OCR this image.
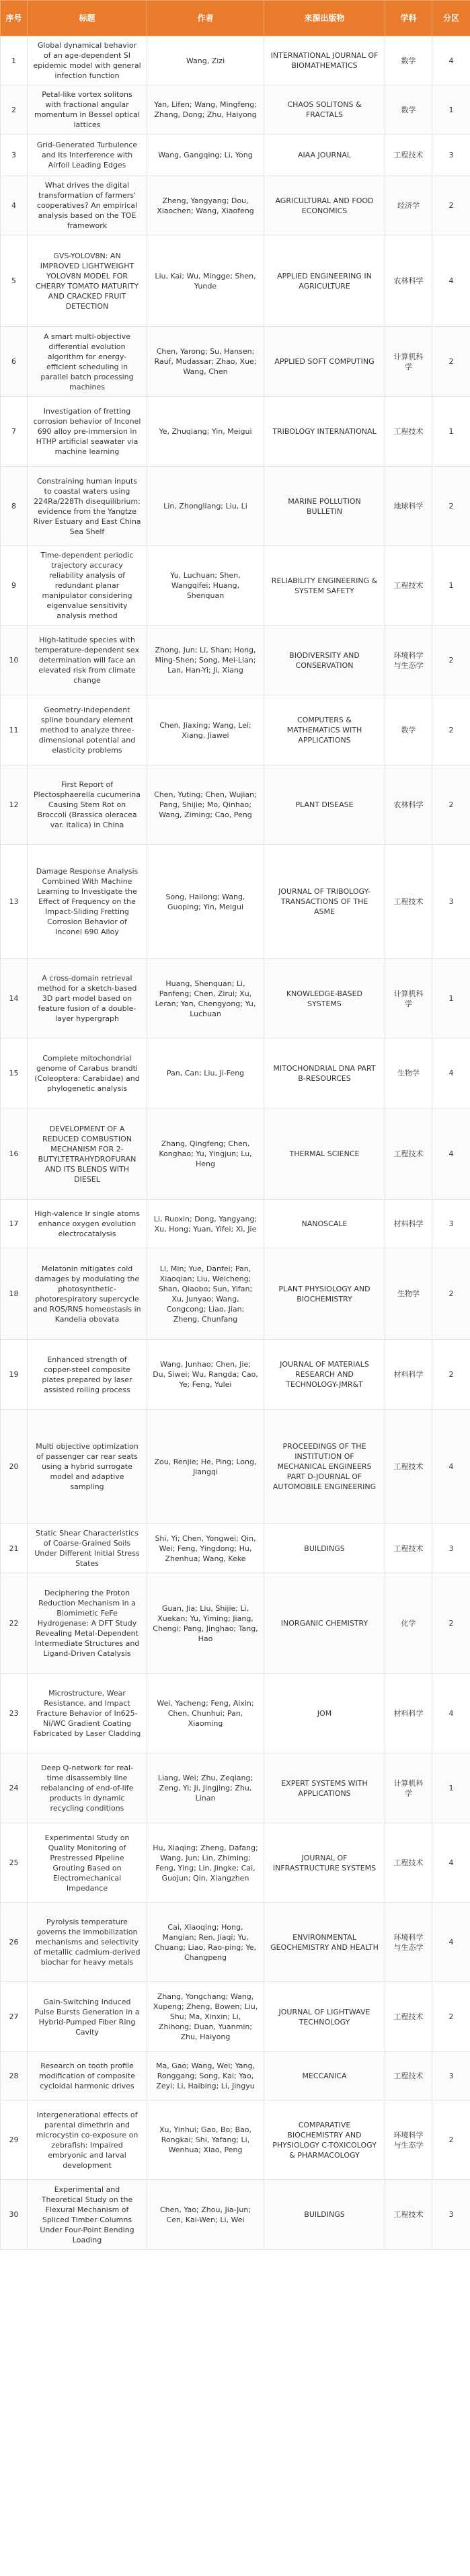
序号	标题	作者	来源出版物	学科	分区
1	Global dynamical behavior of an age-dependent SI epidemic model with general infection function	Wang, Zizi	INTERNATIONAL JOURNAL OF BIOMATHEMATICS	数学	4
2	Petal-like vortex solitons with fractional angular momentum in Bessel optical lattices	Yan, Lifen; Wang, Mingfeng; Zhang, Dong; Zhu, Haiyong	CHAOS SOLITONS & FRACTALS	数学	1
3	Grid-Generated Turbulence and Its Interference with Airfoil Leading Edges	Wang, Gangqing; Li, Yong	AIAA JOURNAL	工程技术	3
4	What drives the digital transformation of farmers' cooperatives? An empirical analysis based on the TOE framework	Zheng, Yangyang; Dou, Xiaochen; Wang, Xiaofeng	AGRICULTURAL AND FOOD ECONOMICS	经济学	2
5	GVS-YOLOV8N: AN IMPROVED LIGHTWEIGHT YOLOV8N MODEL FOR CHERRY TOMATO MATURITY AND CRACKED FRUIT DETECTION	Liu, Kai; Wu, Mingge; Shen, Yunde	APPLIED ENGINEERING IN AGRICULTURE	农林科学	4
6	A smart multi-objective differential evolution algorithm for energy-efficient scheduling in parallel batch processing machines	Chen, Yarong; Su, Hansen; Rauf, Mudassar; Zhao, Xue; Wang, Chen	APPLIED SOFT COMPUTING	计算机科学	2
7	Investigation of fretting corrosion behavior of Inconel 690 alloy pre-immersion in HTHP artificial seawater via machine learning	Ye, Zhuqiang; Yin, Meigui	TRIBOLOGY INTERNATIONAL	工程技术	1
8	Constraining human inputs to coastal waters using 224Ra/228Th disequilibrium: evidence from the Yangtze River Estuary and East China Sea Shelf	Lin, Zhongliang; Liu, Li	MARINE POLLUTION BULLETIN	地球科学	2
9	Time-dependent periodic trajectory accuracy reliability analysis of redundant planar manipulator considering eigenvalue sensitivity analysis method	Yu, Luchuan; Shen, Wangqifei; Huang, Shenquan	RELIABILITY ENGINEERING & SYSTEM SAFETY	工程技术	1
10	High-latitude species with temperature-dependent sex determination will face an elevated risk from climate change	Zhong, Jun; Li, Shan; Hong, Ming-Shen; Song, Mei-Lian; Lan, Han-Yi; Ji, Xiang	BIODIVERSITY AND CONSERVATION	环境科学与生态学	2
11	Geometry-independent spline boundary element method to analyze three-dimensional potential and elasticity problems	Chen, Jiaxing; Wang, Lei; Xiang, Jiawei	COMPUTERS & MATHEMATICS WITH APPLICATIONS	数学	2
12	First Report of Plectosphaerella cucumerina Causing Stem Rot on Broccoli (Brassica oleracea var. italica) in China	Chen, Yuting; Chen, Wujian; Pang, Shijie; Mo, Qinhao; Wang, Ziming; Cao, Peng	PLANT DISEASE	农林科学	2
13	Damage Response Analysis Combined With Machine Learning to Investigate the Effect of Frequency on the Impact-Sliding Fretting Corrosion Behavior of Inconel 690 Alloy	Song, Hailong; Wang, Guoping; Yin, Meigui	JOURNAL OF TRIBOLOGY-TRANSACTIONS OF THE ASME	工程技术	3
14	A cross-domain retrieval method for a sketch-based 3D part model based on feature fusion of a double-layer hypergraph	Huang, Shenquan; Li, Panfeng; Chen, Zirui; Xu, Leran; Yan, Chengyong; Yu, Luchuan	KNOWLEDGE-BASED SYSTEMS	计算机科学	1
15	Complete mitochondrial genome of Carabus brandti (Coleoptera: Carabidae) and phylogenetic analysis	Pan, Can; Liu, Ji-Feng	MITOCHONDRIAL DNA PART B-RESOURCES	生物学	4
16	DEVELOPMENT OF A REDUCED COMBUSTION MECHANISM FOR 2-BUTYLTETRAHYDROFURAN AND ITS BLENDS WITH DIESEL	Zhang, Qingfeng; Chen, Konghao; Yu, Yingjun; Lu, Heng	THERMAL SCIENCE	工程技术	4
17	High-valence Ir single atoms enhance oxygen evolution electrocatalysis	Li, Ruoxin; Dong, Yangyang; Xu, Hong; Yuan, Yifei; Xi, Jie	NANOSCALE	材料科学	3
18	Melatonin mitigates cold damages by modulating the photosynthetic-photorespiratory supercycle and ROS/RNS homeostasis in Kandelia obovata	Li, Min; Yue, Danfei; Pan, Xiaoqian; Liu, Weicheng; Shan, Qiaobo; Sun, Yifan; Xu, Junyao; Wang, Congcong; Liao, Jian; Zheng, Chunfang	PLANT PHYSIOLOGY AND BIOCHEMISTRY	生物学	2
19	Enhanced strength of copper-steel composite plates prepared by laser assisted rolling process	Wang, Junhao; Chen, Jie; Du, Siwei; Wu, Rangda; Cao, Ye; Feng, Yulei	JOURNAL OF MATERIALS RESEARCH AND TECHNOLOGY-JMR&T	材料科学	2
20	Multi objective optimization of passenger car rear seats using a hybrid surrogate model and adaptive sampling	Zou, Renjie; He, Ping; Long, Jiangqi	PROCEEDINGS OF THE INSTITUTION OF MECHANICAL ENGINEERS PART D-JOURNAL OF AUTOMOBILE ENGINEERING	工程技术	4
21	Static Shear Characteristics of Coarse-Grained Soils Under Different Initial Stress States	Shi, Yi; Chen, Yongwei; Qin, Wei; Feng, Yingdong; Hu, Zhenhua; Wang, Keke	BUILDINGS	工程技术	3
22	Deciphering the Proton Reduction Mechanism in a Biomimetic FeFe Hydrogenase: A DFT Study Revealing Metal-Dependent Intermediate Structures and Ligand-Driven Catalysis	Guan, Jia; Liu, Shijie; Li, Xuekan; Yu, Yiming; Jiang, Chengi; Pang, Jinghao; Tang, Hao	INORGANIC CHEMISTRY	化学	2
23	Microstructure, Wear Resistance, and Impact Fracture Behavior of In625-Ni/WC Gradient Coating Fabricated by Laser Cladding	Wei, Yacheng; Feng, Aixin; Chen, Chunhui; Pan, Xiaoming	JOM	材料科学	4
24	Deep Q-network for real-time disassembly line rebalancing of end-of-life products in dynamic recycling conditions	Liang, Wei; Zhu, Zeqiang; Zeng, Yi; Ji, Jingjing; Zhu, Linan	EXPERT SYSTEMS WITH APPLICATIONS	计算机科学	1
25	Experimental Study on Quality Monitoring of Prestressed Pipeline Grouting Based on Electromechanical Impedance	Hu, Xiaqing; Zheng, Dafang; Wang, Jun; Lin, Zhiming; Feng, Ying; Lin, Jingke; Cai, Guojun; Qin, Xiangzhen	JOURNAL OF INFRASTRUCTURE SYSTEMS	工程技术	4
26	Pyrolysis temperature governs the immobilization mechanisms and selectivity of metallic cadmium-derived biochar for heavy metals	Cai, Xiaoqing; Hong, Mangian; Ren, Jiaqi; Yu, Chuang; Liao, Rao-ping; Ye, Changpeng	ENVIRONMENTAL GEOCHEMISTRY AND HEALTH	环境科学与生态学	4
27	Gain-Switching Induced Pulse Bursts Generation in a Hybrid-Pumped Fiber Ring Cavity	Zhang, Yongchang; Wang, Xupeng; Zheng, Bowen; Liu, Shu; Ma, Xinxin; Li, Zhihong; Duan, Yuanmin; Zhu, Haiyong	JOURNAL OF LIGHTWAVE TECHNOLOGY	工程技术	2
28	Research on tooth profile modification of composite cycloidal harmonic drives	Ma, Gao; Wang, Wei; Yang, Ronggang; Song, Kai; Yao, Zeyi; Li, Haibing; Li, Jingyu	MECCANICA	工程技术	3
29	Intergenerational effects of parental dimethrin and microcystin co-exposure on zebrafish: Impaired embryonic and larval development	Xu, Yinhui; Gao, Bo; Bao, Rongkai; Shi, Yafang; Li, Wenhua; Xiao, Peng	COMPARATIVE BIOCHEMISTRY AND PHYSIOLOGY C-TOXICOLOGY & PHARMACOLOGY	环境科学与生态学	2
30	Experimental and Theoretical Study on the Flexural Mechanism of Spliced Timber Columns Under Four-Point Bending Loading	Chen, Yao; Zhou, Jia-Jun; Cen, Kai-Wen; Li, Wei	BUILDINGS	工程技术	3
